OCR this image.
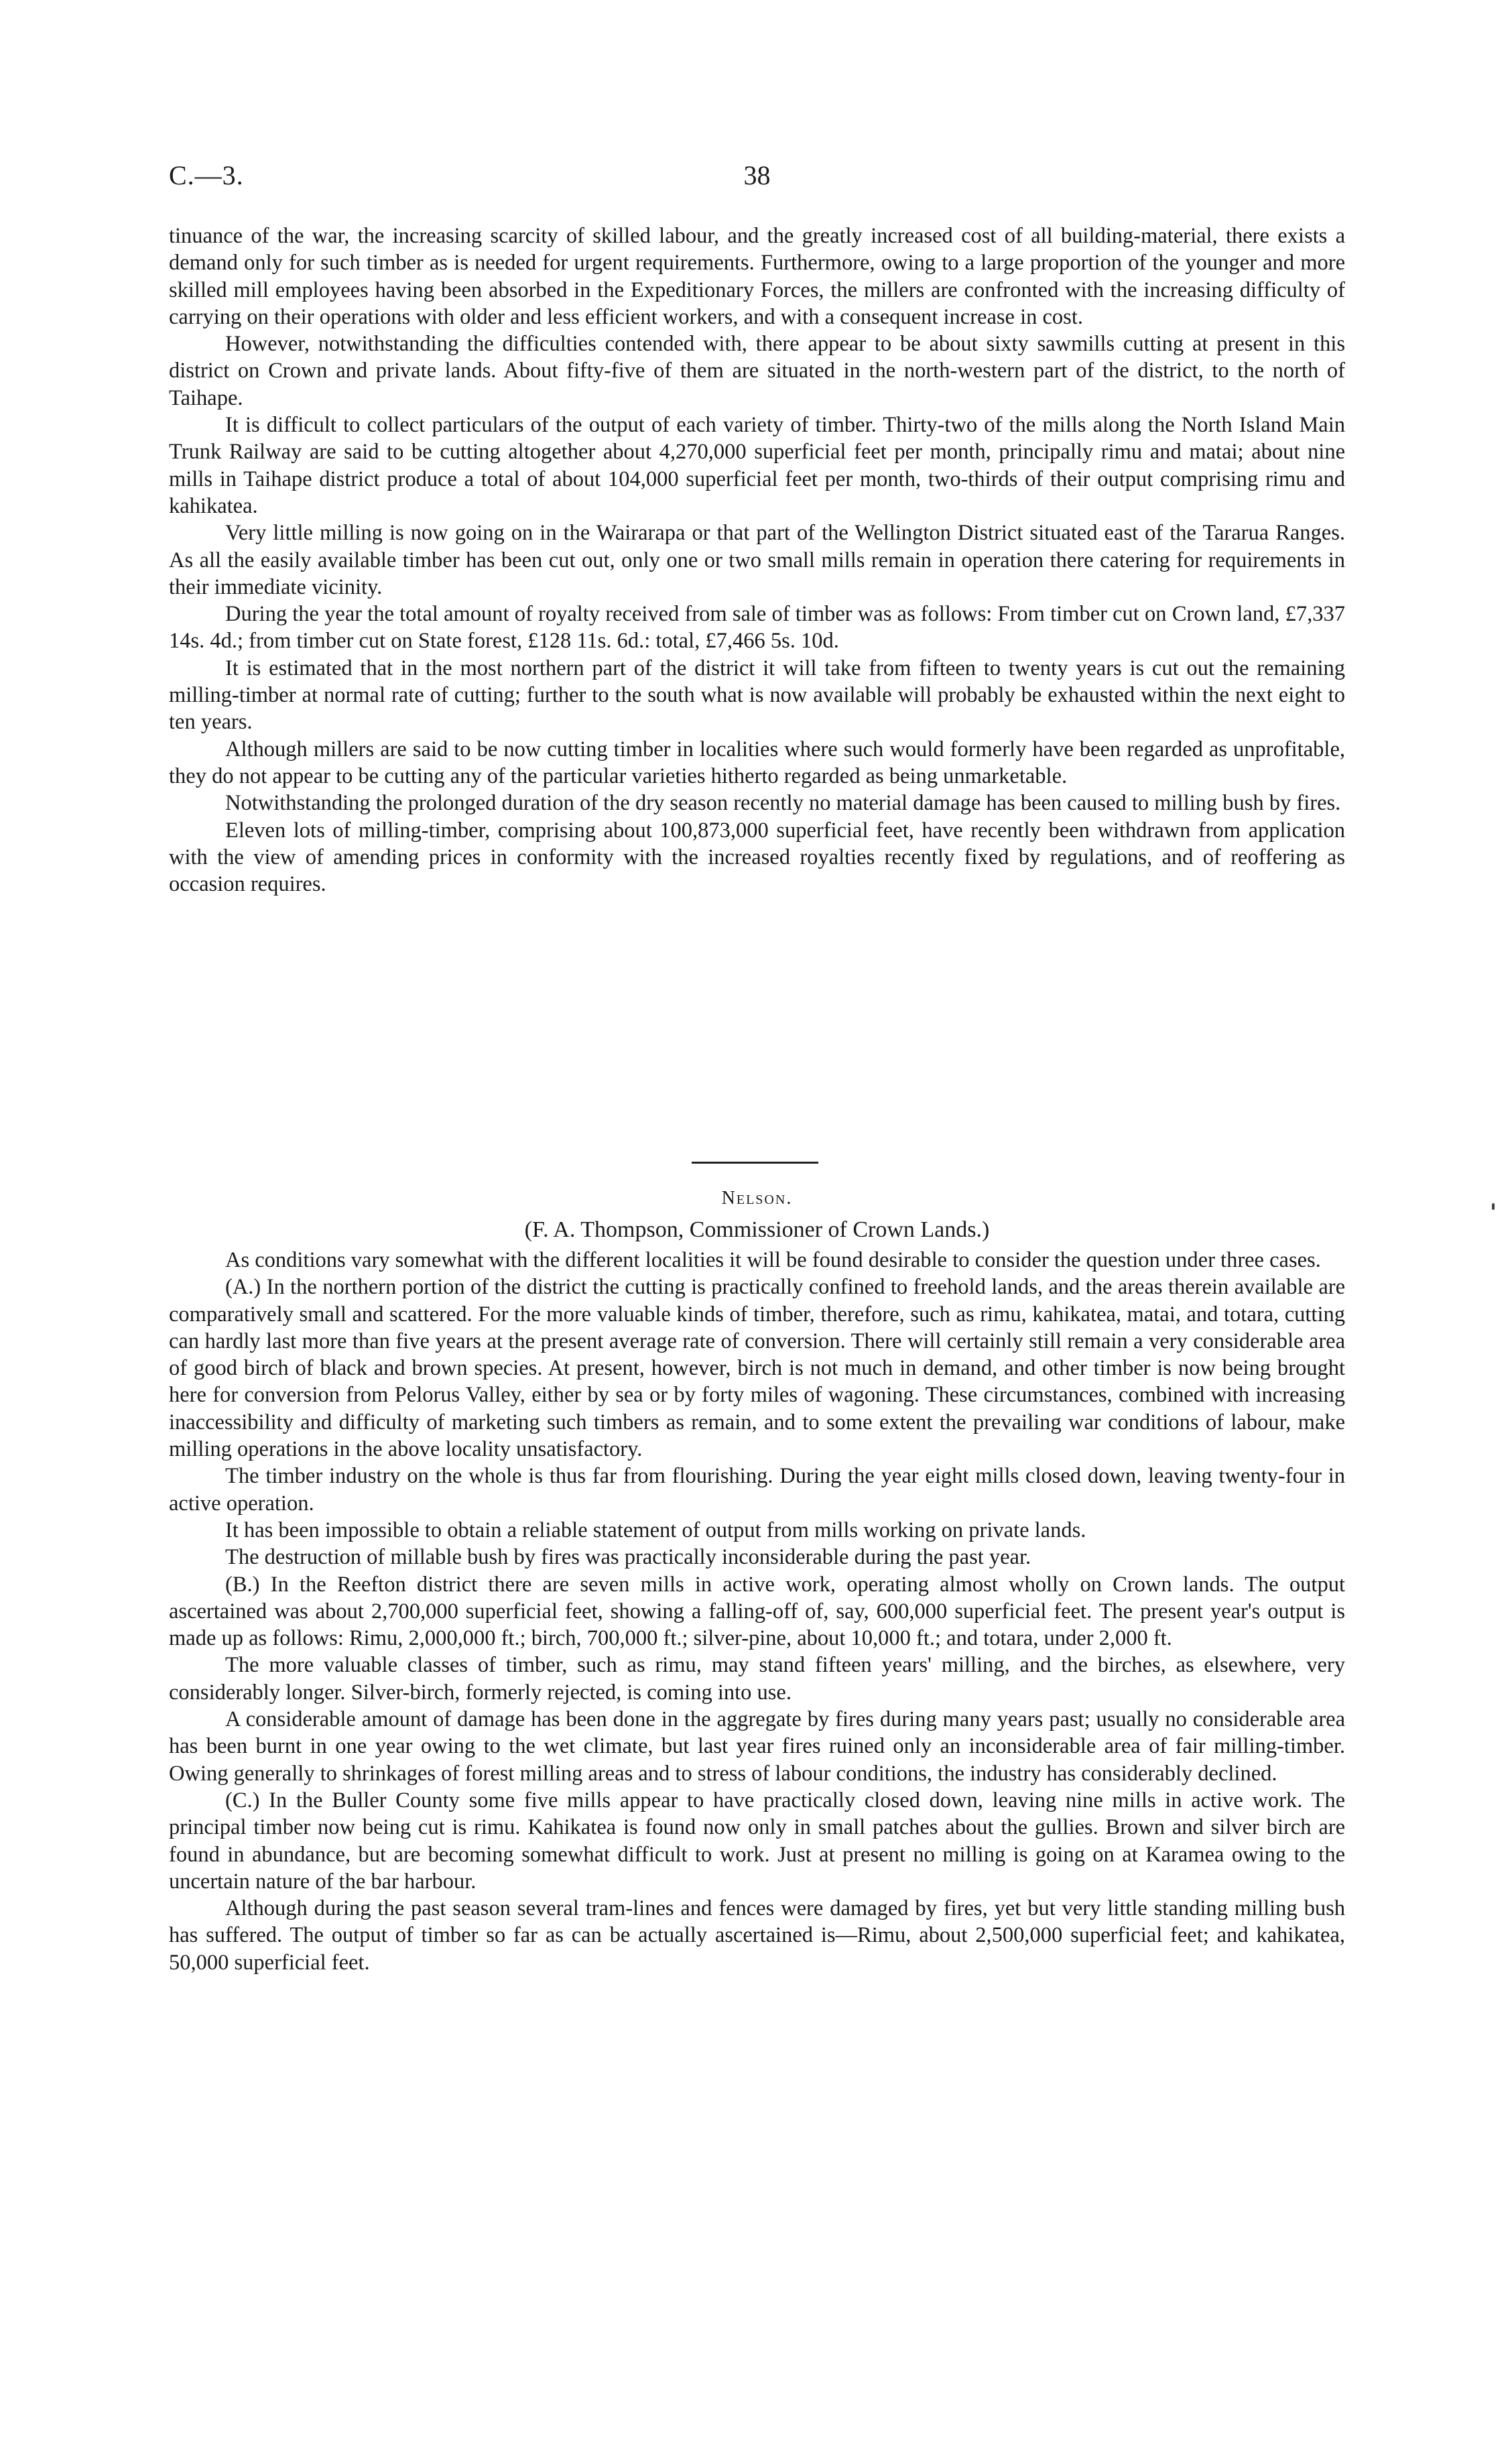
C.—3.	38

tinuance of the war, the increasing scarcity of skilled labour, and the greatly increased cost of all building-material, there exists a demand only for such timber as is needed for urgent requirements. Furthermore, owing to a large proportion of the younger and more skilled mill employees having been absorbed in the Expeditionary Forces, the millers are confronted with the increasing difficulty of carrying on their operations with older and less efficient workers, and with a consequent increase in cost.

However, notwithstanding the difficulties contended with, there appear to be about sixty sawmills cutting at present in this district on Crown and private lands. About fifty-five of them are situated in the north-western part of the district, to the north of Taihape.

It is difficult to collect particulars of the output of each variety of timber. Thirty-two of the mills along the North Island Main Trunk Railway are said to be cutting altogether about 4,270,000 superficial feet per month, principally rimu and matai; about nine mills in Taihape district produce a total of about 104,000 superficial feet per month, two-thirds of their output comprising rimu and kahikatea.

Very little milling is now going on in the Wairarapa or that part of the Wellington District situated east of the Tararua Ranges. As all the easily available timber has been cut out, only one or two small mills remain in operation there catering for requirements in their immediate vicinity.

During the year the total amount of royalty received from sale of timber was as follows: From timber cut on Crown land, £7,337 14s. 4d.; from timber cut on State forest, £128 11s. 6d.: total, £7,466 5s. 10d.

It is estimated that in the most northern part of the district it will take from fifteen to twenty years is cut out the remaining milling-timber at normal rate of cutting; further to the south what is now available will probably be exhausted within the next eight to ten years.

Although millers are said to be now cutting timber in localities where such would formerly have been regarded as unprofitable, they do not appear to be cutting any of the particular varieties hitherto regarded as being unmarketable.

Notwithstanding the prolonged duration of the dry season recently no material damage has been caused to milling bush by fires.

Eleven lots of milling-timber, comprising about 100,873,000 superficial feet, have recently been withdrawn from application with the view of amending prices in conformity with the increased royalties recently fixed by regulations, and of reoffering as occasion requires.

Nelson.
(F. A. Thompson, Commissioner of Crown Lands.)

As conditions vary somewhat with the different localities it will be found desirable to consider the question under three cases.

(A.) In the northern portion of the district the cutting is practically confined to freehold lands, and the areas therein available are comparatively small and scattered. For the more valuable kinds of timber, therefore, such as rimu, kahikatea, matai, and totara, cutting can hardly last more than five years at the present average rate of conversion. There will certainly still remain a very considerable area of good birch of black and brown species. At present, however, birch is not much in demand, and other timber is now being brought here for conversion from Pelorus Valley, either by sea or by forty miles of wagoning. These circumstances, combined with increasing inaccessibility and difficulty of marketing such timbers as remain, and to some extent the prevailing war conditions of labour, make milling operations in the above locality unsatisfactory.

The timber industry on the whole is thus far from flourishing. During the year eight mills closed down, leaving twenty-four in active operation.

It has been impossible to obtain a reliable statement of output from mills working on private lands.

The destruction of millable bush by fires was practically inconsiderable during the past year.

(B.) In the Reefton district there are seven mills in active work, operating almost wholly on Crown lands. The output ascertained was about 2,700,000 superficial feet, showing a falling-off of, say, 600,000 superficial feet. The present year's output is made up as follows: Rimu, 2,000,000 ft.; birch, 700,000 ft.; silver-pine, about 10,000 ft.; and totara, under 2,000 ft.

The more valuable classes of timber, such as rimu, may stand fifteen years' milling, and the birches, as elsewhere, very considerably longer. Silver-birch, formerly rejected, is coming into use.

A considerable amount of damage has been done in the aggregate by fires during many years past; usually no considerable area has been burnt in one year owing to the wet climate, but last year fires ruined only an inconsiderable area of fair milling-timber. Owing generally to shrinkages of forest milling areas and to stress of labour conditions, the industry has considerably declined.

(C.) In the Buller County some five mills appear to have practically closed down, leaving nine mills in active work. The principal timber now being cut is rimu. Kahikatea is found now only in small patches about the gullies. Brown and silver birch are found in abundance, but are becoming somewhat difficult to work. Just at present no milling is going on at Karamea owing to the uncertain nature of the bar harbour.

Although during the past season several tram-lines and fences were damaged by fires, yet but very little standing milling bush has suffered. The output of timber so far as can be actually ascertained is—Rimu, about 2,500,000 superficial feet; and kahikatea, 50,000 superficial feet.
